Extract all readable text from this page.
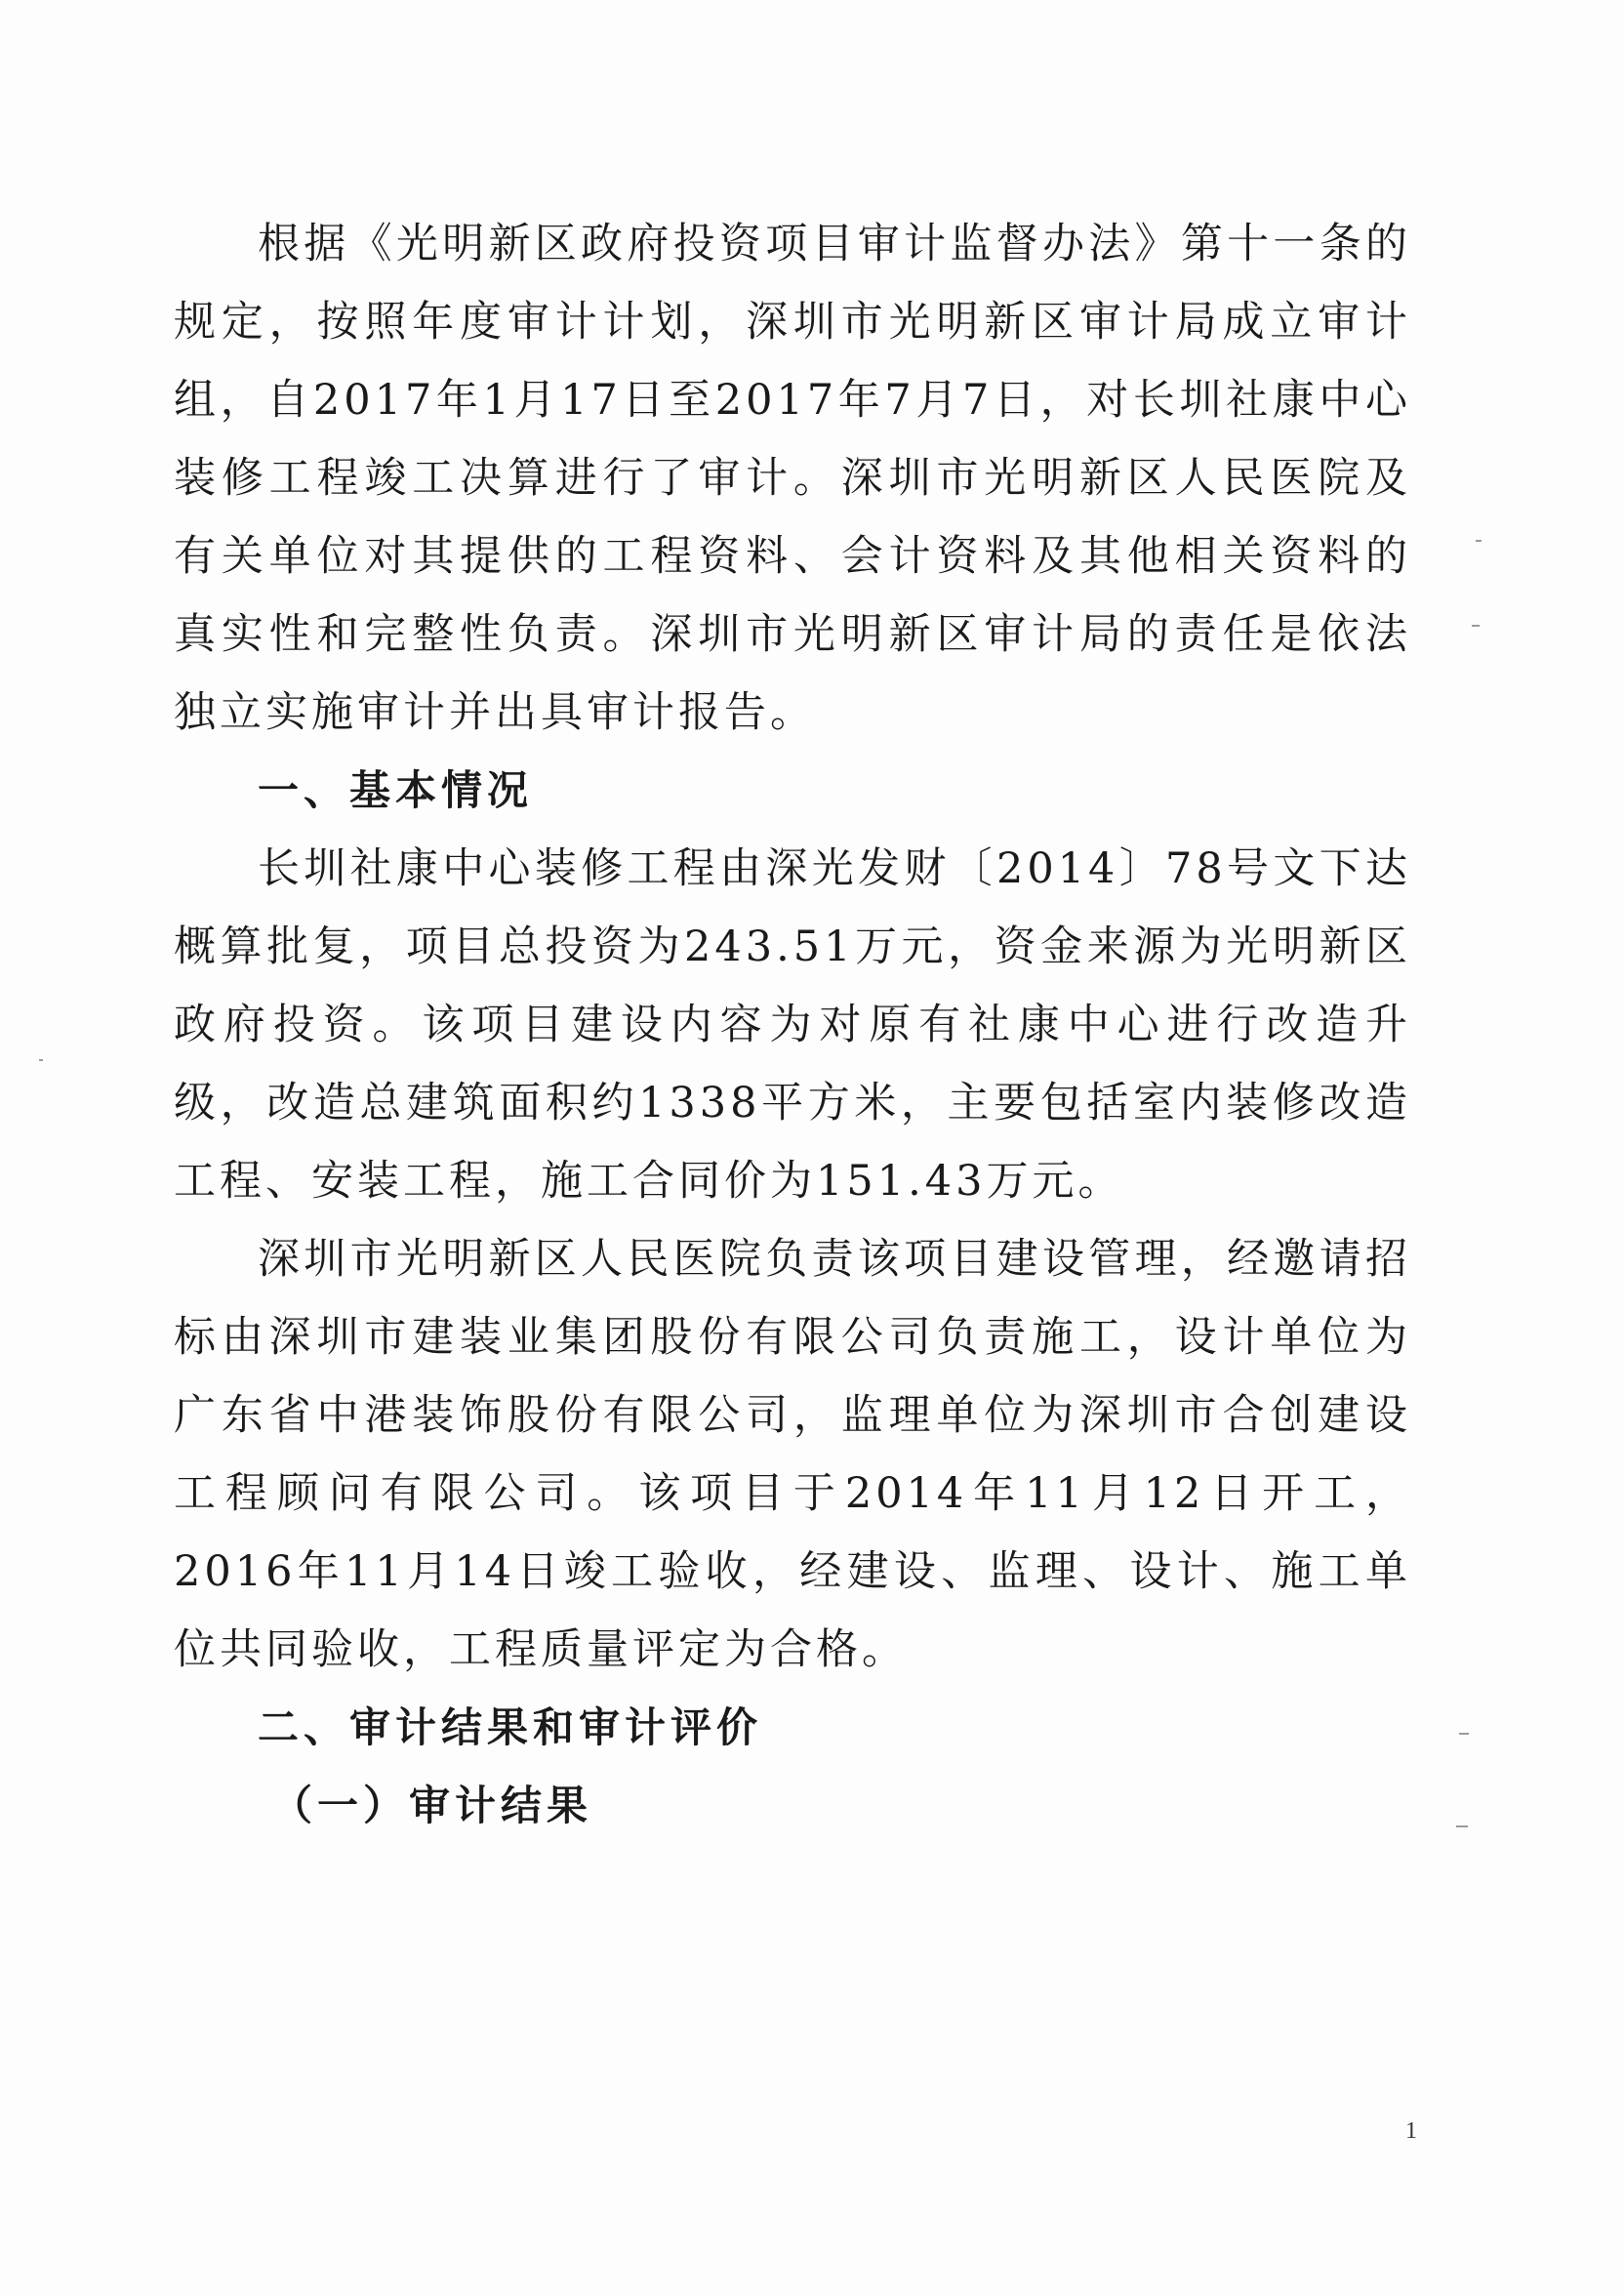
根据《光明新区政府投资项目审计监督办法》第十一条的规定，按照年度审计计划，深圳市光明新区审计局成立审计组，自2017年1月17日至2017年7月7日，对长圳社康中心装修工程竣工决算进行了审计。深圳市光明新区人民医院及有关单位对其提供的工程资料、会计资料及其他相关资料的真实性和完整性负责。深圳市光明新区审计局的责任是依法独立实施审计并出具审计报告。

一、基本情况

长圳社康中心装修工程由深光发财〔2014〕78号文下达概算批复，项目总投资为243.51万元，资金来源为光明新区政府投资。该项目建设内容为对原有社康中心进行改造升级，改造总建筑面积约1338平方米，主要包括室内装修改造工程、安装工程，施工合同价为151.43万元。

深圳市光明新区人民医院负责该项目建设管理，经邀请招标由深圳市建装业集团股份有限公司负责施工，设计单位为广东省中港装饰股份有限公司，监理单位为深圳市合创建设工程顾问有限公司。该项目于2014年11月12日开工，2016年11月14日竣工验收，经建设、监理、设计、施工单位共同验收，工程质量评定为合格。

二、审计结果和审计评价

（一）审计结果

1
